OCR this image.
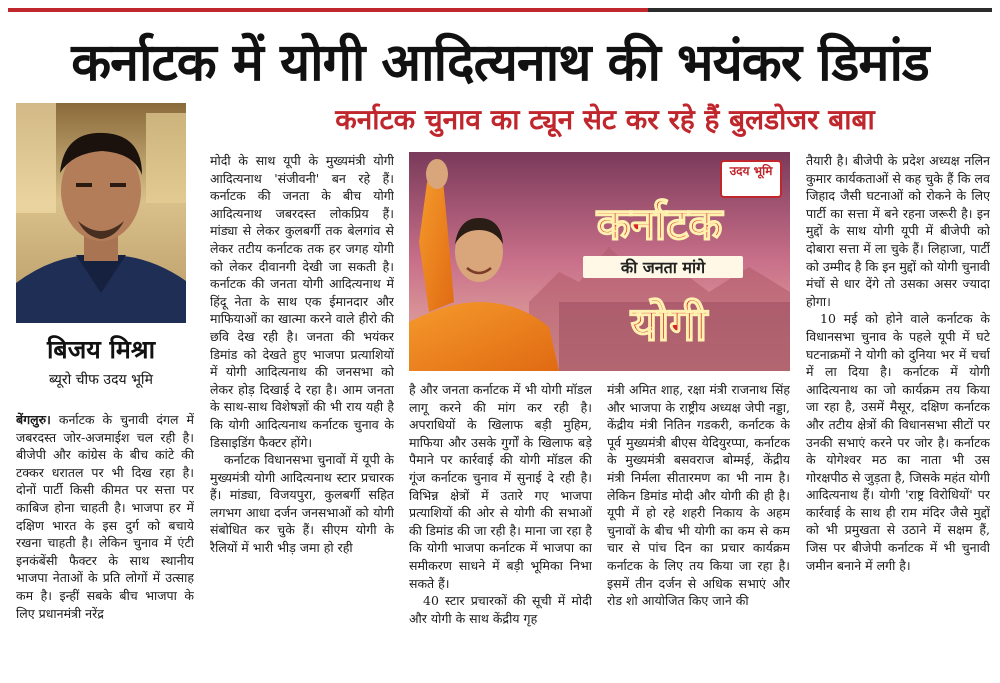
कर्नाटक में योगी आदित्यनाथ की भयंकर डिमांड
बिजय मिश्रा
ब्यूरो चीफ उदय भूमि
कर्नाटक चुनाव का ट्यून सेट कर रहे हैं बुलडोजर बाबा

बेंगलुरु। कर्नाटक के चुनावी दंगल में जबरदस्त जोर-अजमाईश चल रही है। बीजेपी और कांग्रेस के बीच कांटे की टक्कर धरातल पर भी दिख रहा है। दोनों पार्टी किसी कीमत पर सत्ता पर काबिज होना चाहती है। भाजपा हर में दक्षिण भारत के इस दुर्ग को बचाये रखना चाहती है। लेकिन चुनाव में एंटी इनकंबेंसी फैक्टर के साथ स्थानीय भाजपा नेताओं के प्रति लोगों में उत्साह कम है। इन्हीं सबके बीच भाजपा के लिए प्रधानमंत्री नरेंद्र

मोदी के साथ यूपी के मुख्यमंत्री योगी आदित्यनाथ 'संजीवनी' बन रहे हैं। कर्नाटक की जनता के बीच योगी आदित्यनाथ जबरदस्त लोकप्रिय हैं। मांड्या से लेकर कुलबर्गी तक बेलगांव से लेकर तटीय कर्नाटक तक हर जगह योगी को लेकर दीवानगी देखी जा सकती है। कर्नाटक की जनता योगी आदित्यनाथ में हिंदू नेता के साथ एक ईमानदार और माफियाओं का खात्मा करने वाले हीरो की छवि देख रही है। जनता की भयंकर डिमांड को देखते हुए भाजपा प्रत्याशियों में योगी आदित्यनाथ की जनसभा को लेकर होड़ दिखाई दे रहा है। आम जनता के साथ-साथ विशेषज्ञों की भी राय यही है कि योगी आदित्यनाथ कर्नाटक चुनाव के डिसाइडिंग फैक्टर होंगे।

कर्नाटक विधानसभा चुनावों में यूपी के मुख्यमंत्री योगी आदित्यनाथ स्टार प्रचारक हैं। मांड्या, विजयपुरा, कुलबर्गी सहित लगभग आधा दर्जन जनसभाओं को योगी संबोधित कर चुके हैं। सीएम योगी के रैलियों में भारी भीड़ जमा हो रही

उदय भूमि
कर्नाटक
की जनता मांगे
योगी

है और जनता कर्नाटक में भी योगी मॉडल लागू करने की मांग कर रही है। अपराधियों के खिलाफ बड़ी मुहिम, माफिया और उसके गुर्गों के खिलाफ बड़े पैमाने पर कार्रवाई की योगी मॉडल की गूंज कर्नाटक चुनाव में सुनाई दे रही है। विभिन्न क्षेत्रों में उतारे गए भाजपा प्रत्याशियों की ओर से योगी की सभाओं की डिमांड की जा रही है। माना जा रहा है कि योगी भाजपा कर्नाटक में भाजपा का समीकरण साधने में बड़ी भूमिका निभा सकते हैं।

40 स्टार प्रचारकों की सूची में मोदी और योगी के साथ केंद्रीय गृह

मंत्री अमित शाह, रक्षा मंत्री राजनाथ सिंह और भाजपा के राष्ट्रीय अध्यक्ष जेपी नड्डा, केंद्रीय मंत्री नितिन गडकरी, कर्नाटक के पूर्व मुख्यमंत्री बीएस येदियुरप्पा, कर्नाटक के मुख्यमंत्री बसवराज बोम्मई, केंद्रीय मंत्री निर्मला सीतारमण का भी नाम है। लेकिन डिमांड मोदी और योगी की ही है। यूपी में हो रहे शहरी निकाय के अहम चुनावों के बीच भी योगी का कम से कम चार से पांच दिन का प्रचार कार्यक्रम कर्नाटक के लिए तय किया जा रहा है। इसमें तीन दर्जन से अधिक सभाएं और रोड शो आयोजित किए जाने की

तैयारी है। बीजेपी के प्रदेश अध्यक्ष नलिन कुमार कार्यकताओं से कह चुके हैं कि लव जिहाद जैसी घटनाओं को रोकने के लिए पार्टी का सत्ता में बने रहना जरूरी है। इन मुद्दों के साथ योगी यूपी में बीजेपी को दोबारा सत्ता में ला चुके हैं। लिहाजा, पार्टी को उम्मीद है कि इन मुद्दों को योगी चुनावी मंचों से धार देंगे तो उसका असर ज्यादा होगा।

10 मई को होने वाले कर्नाटक के विधानसभा चुनाव के पहले यूपी में घटे घटनाक्रमों ने योगी को दुनिया भर में चर्चा में ला दिया है। कर्नाटक में योगी आदित्यनाथ का जो कार्यक्रम तय किया जा रहा है, उसमें मैसूर, दक्षिण कर्नाटक और तटीय क्षेत्रों की विधानसभा सीटों पर उनकी सभाएं करने पर जोर है। कर्नाटक के योगेश्वर मठ का नाता भी उस गोरक्षपीठ से जुड़ता है, जिसके महंत योगी आदित्यनाथ हैं। योगी 'राष्ट्र विरोधियों' पर कार्रवाई के साथ ही राम मंदिर जैसे मुद्दों को भी प्रमुखता से उठाने में सक्षम हैं, जिस पर बीजेपी कर्नाटक में भी चुनावी जमीन बनाने में लगी है।
